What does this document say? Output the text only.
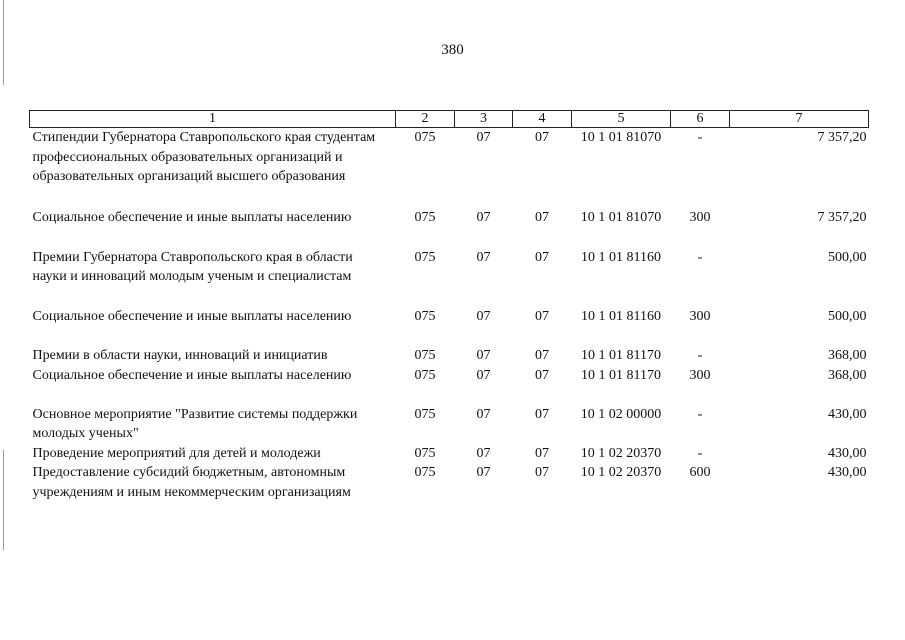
380
1	2	3	4	5	6	7
Стипендии Губернатора Ставропольского края студентам профессиональных образовательных организаций и образовательных организаций высшего образования	075	07	07	10 1 01 81070	-	7 357,20
Социальное обеспечение и иные выплаты населению	075	07	07	10 1 01 81070	300	7 357,20
Премии Губернатора Ставропольского края в области науки и инноваций молодым ученым и специалистам	075	07	07	10 1 01 81160	-	500,00
Социальное обеспечение и иные выплаты населению	075	07	07	10 1 01 81160	300	500,00
Премии в области науки, инноваций и инициатив	075	07	07	10 1 01 81170	-	368,00
Социальное обеспечение и иные выплаты населению	075	07	07	10 1 01 81170	300	368,00
Основное мероприятие "Развитие системы поддержки молодых ученых"	075	07	07	10 1 02 00000	-	430,00
Проведение мероприятий для детей и молодежи	075	07	07	10 1 02 20370	-	430,00
Предоставление субсидий бюджетным, автономным учреждениям и иным некоммерческим организациям	075	07	07	10 1 02 20370	600	430,00
